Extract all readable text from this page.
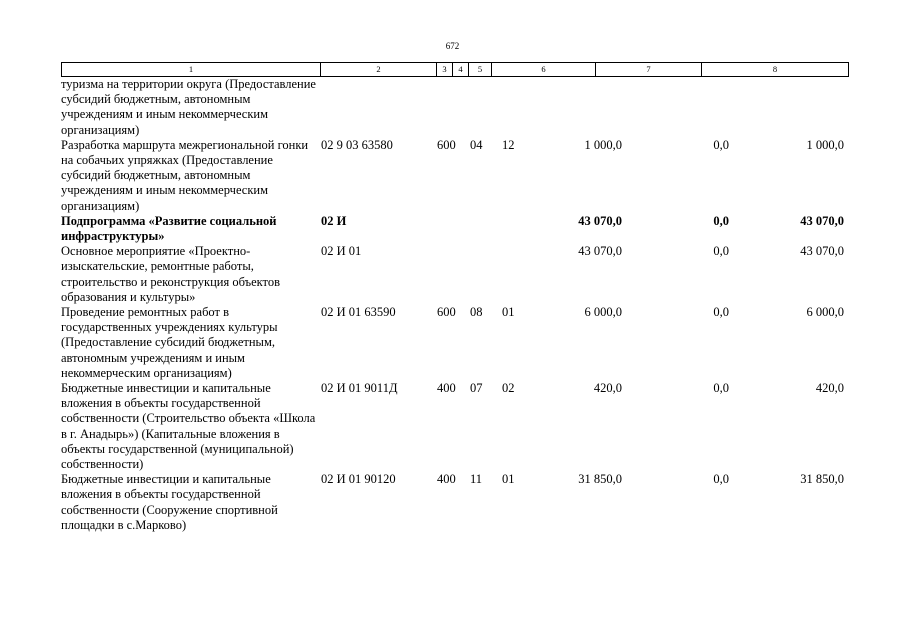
672
1	2	3	4	5	6	7	8
туризма на территории округа (Предоставление субсидий бюджетным, автономным учреждениям и иным некоммерческим организациям)							
Разработка маршрута межрегиональной гонки на собачьих упряжках (Предоставление субсидий бюджетным, автономным учреждениям и иным некоммерческим организациям)	02 9 03 63580	600	04	12	1 000,0	0,0	1 000,0
Подпрограмма «Развитие социальной инфраструктуры»	02 И				43 070,0	0,0	43 070,0
Основное мероприятие «Проектно-изыскательские, ремонтные работы, строительство и реконструкция объектов образования и культуры»	02 И 01				43 070,0	0,0	43 070,0
Проведение ремонтных работ в государственных учреждениях культуры (Предоставление субсидий бюджетным, автономным учреждениям и иным некоммерческим организациям)	02 И 01 63590	600	08	01	6 000,0	0,0	6 000,0
Бюджетные инвестиции и капитальные вложения в объекты государственной собственности (Строительство объекта «Школа в г. Анадырь») (Капитальные вложения в объекты государственной (муниципальной) собственности)	02 И 01 9011Д	400	07	02	420,0	0,0	420,0
Бюджетные инвестиции и капитальные вложения в объекты государственной собственности (Сооружение спортивной площадки в с.Марково)	02 И 01 90120	400	11	01	31 850,0	0,0	31 850,0
